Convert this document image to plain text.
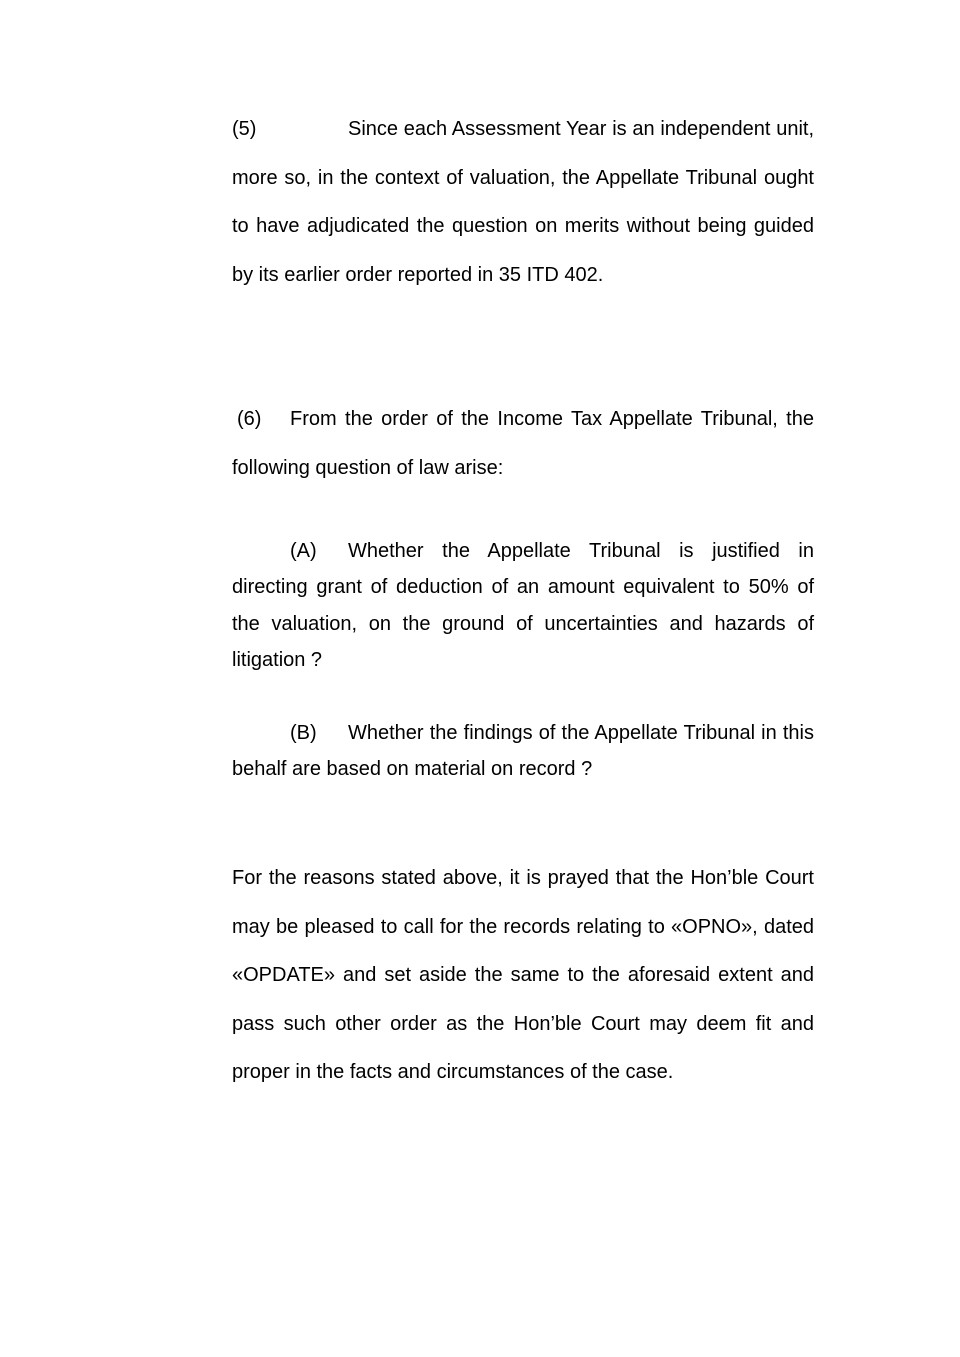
(5)	Since each Assessment Year is an independent unit, more so, in the context of valuation, the Appellate Tribunal ought to have adjudicated the question on merits without being guided by its earlier order reported in 35 ITD 402.

(6) From the order of the Income Tax Appellate Tribunal, the following question of law arise:

(A) Whether the Appellate Tribunal is justified in directing grant of deduction of an amount equivalent to 50% of the valuation, on the ground of uncertainties and hazards of litigation ?

(B) Whether the findings of the Appellate Tribunal in this behalf are based on material on record ?

For the reasons stated above, it is prayed that the Hon’ble Court may be pleased to call for the records relating to «OPNO», dated «OPDATE» and set aside the same to the aforesaid extent and pass such other order as the Hon’ble Court may deem fit and proper in the facts and circumstances of the case.
